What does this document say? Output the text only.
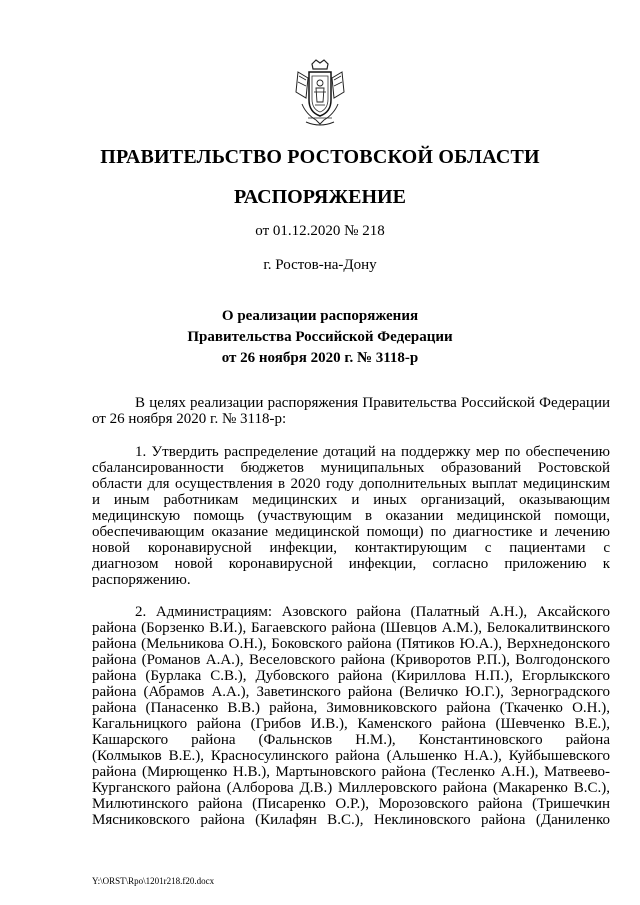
ПРАВИТЕЛЬСТВО РОСТОВСКОЙ ОБЛАСТИ
РАСПОРЯЖЕНИЕ
от 01.12.2020 № 218
г. Ростов-на-Дону
О реализации распоряжения
Правительства Российской Федерации
от 26 ноября 2020 г. № 3118-р
В целях реализации распоряжения Правительства Российской Федерации
от 26 ноября 2020 г. № 3118-р:
1. Утвердить распределение дотаций на поддержку мер по обеспечению
сбалансированности бюджетов муниципальных образований Ростовской
области для осуществления в 2020 году дополнительных выплат медицинским
и иным работникам медицинских и иных организаций, оказывающим
медицинскую помощь (участвующим в оказании медицинской помощи,
обеспечивающим оказание медицинской помощи) по диагностике и лечению
новой коронавирусной инфекции, контактирующим с пациентами с
диагнозом новой коронавирусной инфекции, согласно приложению к
распоряжению.
2. Администрациям: Азовского района (Палатный А.Н.), Аксайского
района (Борзенко В.И.), Багаевского района (Шевцов А.М.), Белокалитвинского
района (Мельникова О.Н.), Боковского района (Пятиков Ю.А.), Верхнедонского
района (Романов А.А.), Веселовского района (Криворотов Р.П.), Волгодонского
района (Бурлака С.В.), Дубовского района (Кириллова Н.П.), Егорлыкского
района (Абрамов А.А.), Заветинского района (Величко Ю.Г.), Зерноградского
района (Панасенко В.В.) района, Зимовниковского района (Ткаченко О.Н.),
Кагальницкого района (Грибов И.В.), Каменского района (Шевченко В.Е.),
Кашарского района (Фальнсков Н.М.), Константиновского района
(Колмыков В.Е.), Красносулинского района (Альшенко Н.А.), Куйбышевского
района (Мирющенко Н.В.), Мартыновского района (Тесленко А.Н.), Матвеево-
Курганского района (Алборова Д.В.) Миллеровского района (Макаренко В.С.),
Милютинского района (Писаренко О.Р.), Морозовского района (Тришечкин
Мясниковского района (Килафян В.С.), Неклиновского района (Даниленко
Y:\ORST\Rpo\1201r218.f20.docx
